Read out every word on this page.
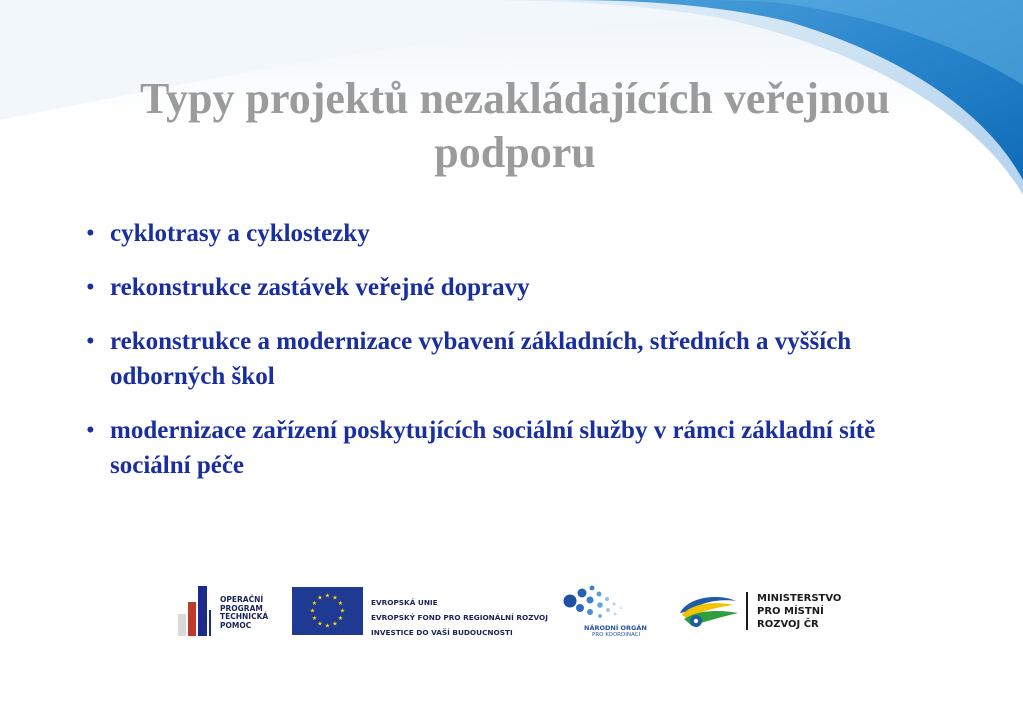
Typy projektů nezakládajících veřejnou
podporu
• cyklotrasy a cyklostezky
• rekonstrukce zastávek veřejné dopravy
• rekonstrukce a modernizace vybavení základních, středních a vyšších odborných škol
• modernizace zařízení poskytujících sociální služby v rámci základní sítě sociální péče
OPERAČNÍ
PROGRAM
TECHNICKÁ
POMOC
★ ★
★
★
★
★
★
★
★
★
★
★	EVROPSKÁ UNIE
EVROPSKÝ FOND PRO REGIONÁLNÍ ROZVOJ
INVESTICE DO VAŠÍ BUDOUCNOSTI	NÁRODNÍ ORGÁN
PRO KOORDINACI
MINISTERSTVO
PRO MÍSTNÍ
ROZVOJ ČR
